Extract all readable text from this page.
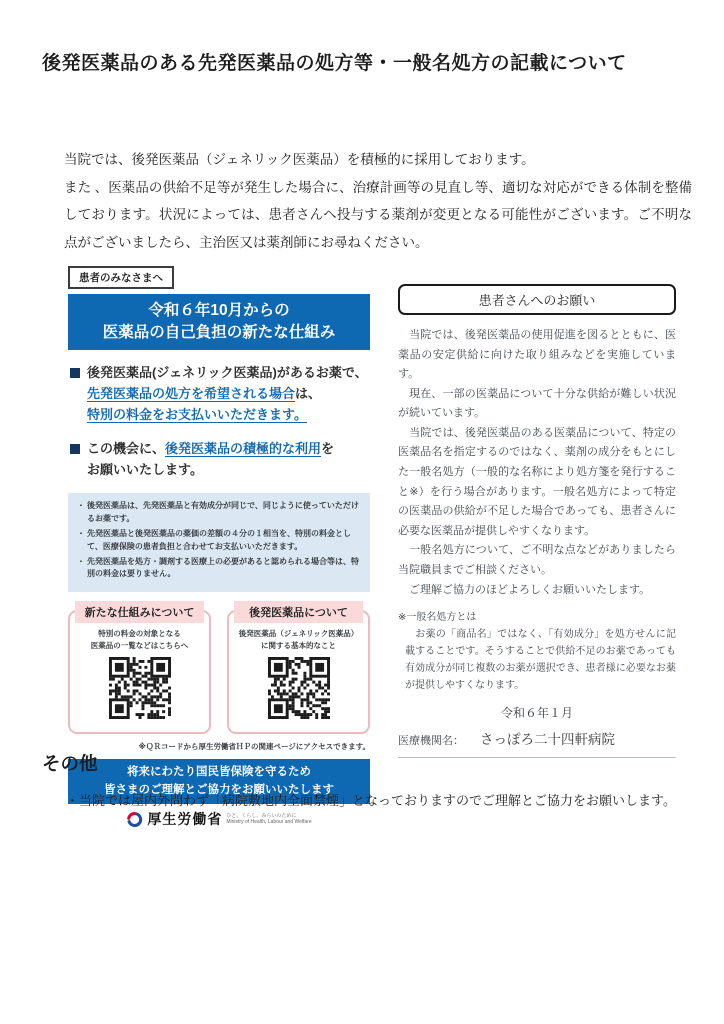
後発医薬品のある先発医薬品の処方等・一般名処方の記載について

当院では、後発医薬品（ジェネリック医薬品）を積極的に採用しております。

また 、医薬品の供給不足等が発生した場合に、治療計画等の見直し等、適切な対応ができる体制を整備しております。状況によっては、患者さんへ投与する薬剤が変更となる可能性がございます。ご不明な点がございましたら、主治医又は薬剤師にお尋ねください。

患者のみなさまへ
令和６年10月からの
医薬品の自己負担の新たな仕組み
後発医薬品(ジェネリック医薬品)があるお薬で、
先発医薬品の処方を希望される場合は、
特別の料金をお支払いいただきます。
この機会に、後発医薬品の積極的な利用を
お願いいたします。
・ 後発医薬品は、先発医薬品と有効成分が同じで、同じように使っていただけるお薬です。
・ 先発医薬品と後発医薬品の薬価の差額の４分の１相当を、特別の料金として、医療保険の患者負担と合わせてお支払いいただきます。
・ 先発医薬品を処方・調剤する医療上の必要があると認められる場合等は、特別の料金は要りません。
新たな仕組みについて
特別の料金の対象となる
医薬品の一覧などはこちらへ
後発医薬品について
後発医薬品（ジェネリック医薬品）
に関する基本的なこと
※ＱＲコードから厚生労働省ＨＰの関連ページにアクセスできます。
将来にわたり国民皆保険を守るため
皆さまのご理解とご協力をお願いいたします
厚生労働省 ひと、くらし、みらいのために
Ministry of Health, Labour and Welfare
患者さんへのお願い

　当院では、後発医薬品の使用促進を図るとともに、医薬品の安定供給に向けた取り組みなどを実施しています。

　現在、一部の医薬品について十分な供給が難しい状況が続いています。

　当院では、後発医薬品のある医薬品について、特定の医薬品名を指定するのではなく、薬剤の成分をもとにした一般名処方（一般的な名称により処方箋を発行すること※）を行う場合があります。一般名処方によって特定の医薬品の供給が不足した場合であっても、患者さんに必要な医薬品が提供しやすくなります。

　一般名処方について、ご不明な点などがありましたら当院職員までご相談ください。

　ご理解ご協力のほどよろしくお願いいたします。

※一般名処方とは
　お薬の「商品名」ではなく、「有効成分」を処方せんに記載することです。そうすることで供給不足のお薬であっても有効成分が同じ複数のお薬が選択でき、患者様に必要なお薬が提供しやすくなります。
令和６年１月
医療機関名： さっぽろ二十四軒病院
その他
・当院では屋内外問わず「病院敷地内全面禁煙」となっておりますのでご理解とご協力をお願いします。
